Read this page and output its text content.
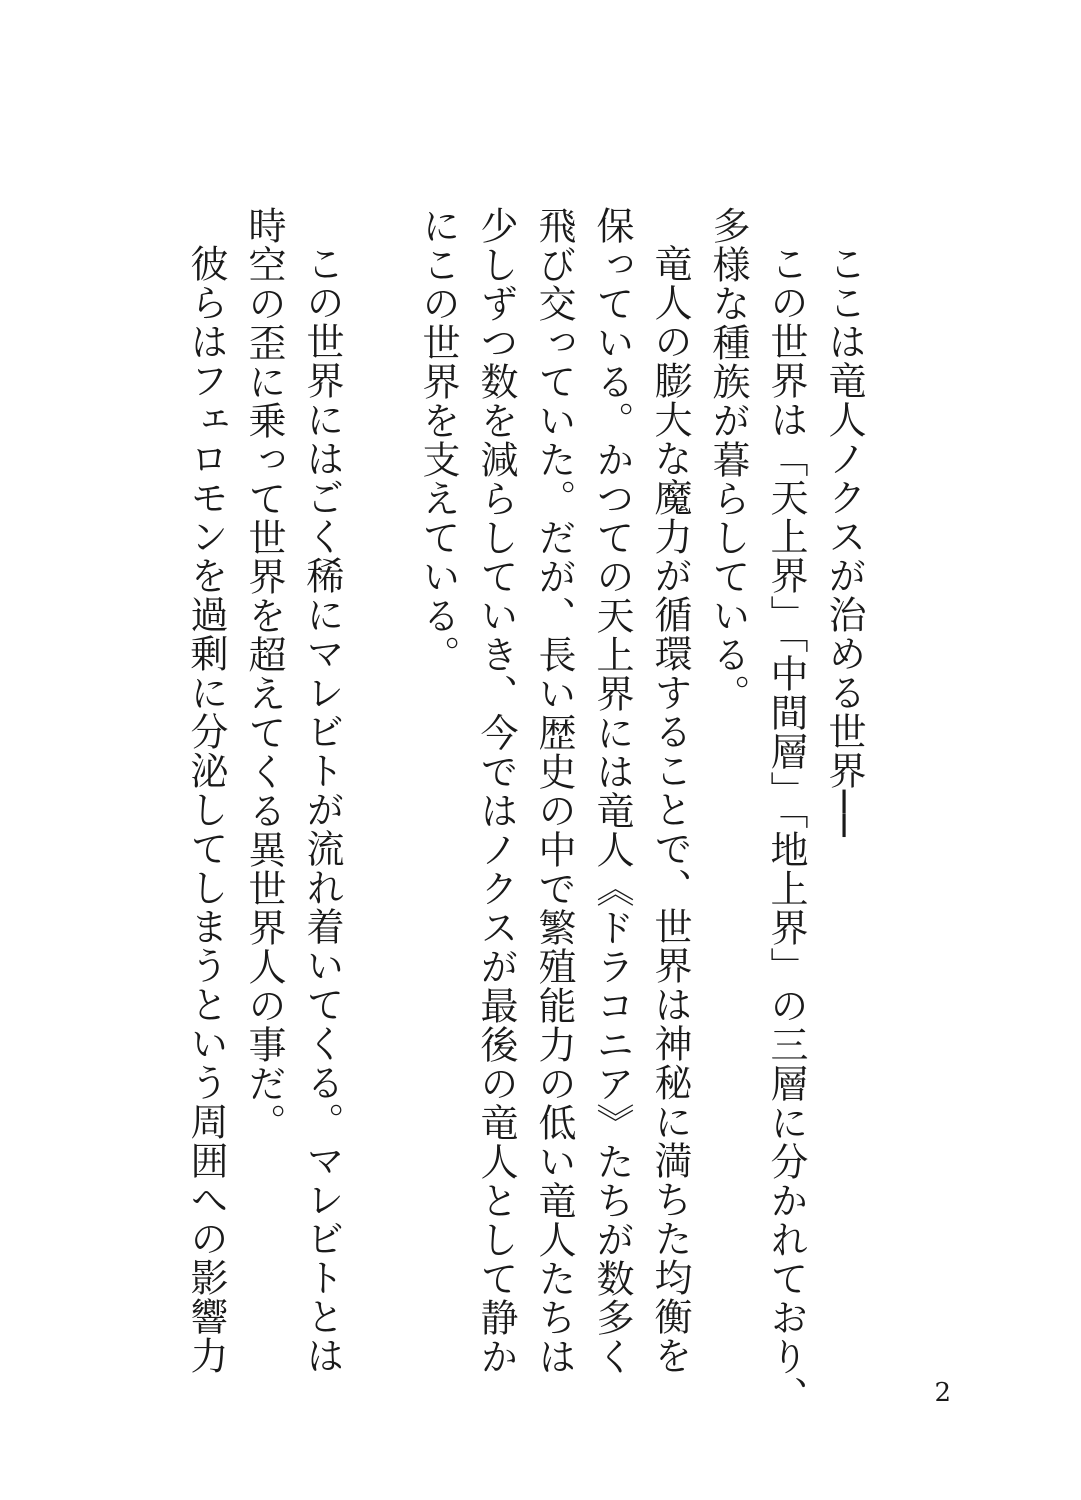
ここは竜人ノクスが治める世界──
この世界は「天上界」「中間層」「地上界」の三層に分かれており、
多様な種族が暮らしている。
竜人の膨大な魔力が循環することで、世界は神秘に満ちた均衡を
保っている。かつての天上界には竜人《ドラコニア》たちが数多く
飛び交っていた。だが、長い歴史の中で繁殖能力の低い竜人たちは
少しずつ数を減らしていき、今ではノクスが最後の竜人として静か
にこの世界を支えている。
この世界にはごく稀にマレビトが流れ着いてくる。マレビトとは
時空の歪に乗って世界を超えてくる異世界人の事だ。
彼らはフェロモンを過剰に分泌してしまうという周囲への影響力
2
